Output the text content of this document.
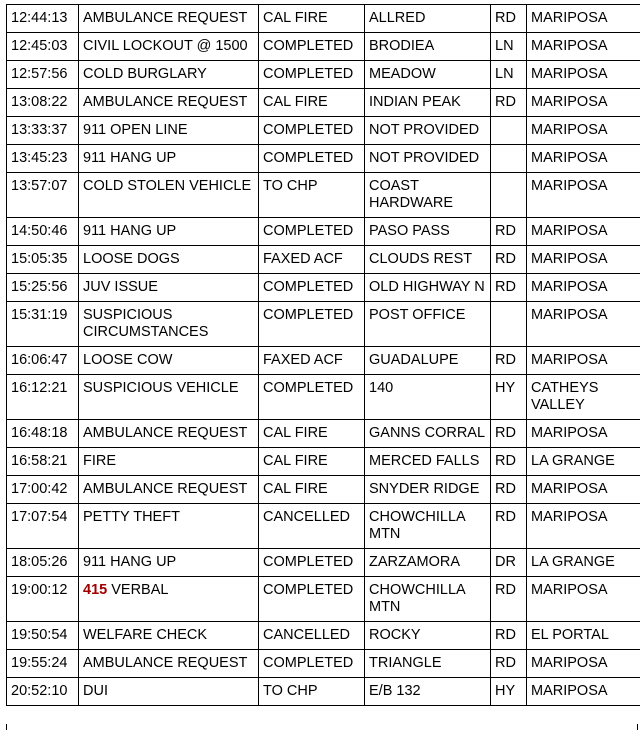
12:44:13	AMBULANCE REQUEST	CAL FIRE	ALLRED	RD	MARIPOSA
12:45:03	CIVIL LOCKOUT @ 1500	COMPLETED	BRODIEA	LN	MARIPOSA
12:57:56	COLD BURGLARY	COMPLETED	MEADOW	LN	MARIPOSA
13:08:22	AMBULANCE REQUEST	CAL FIRE	INDIAN PEAK	RD	MARIPOSA
13:33:37	911 OPEN LINE	COMPLETED	NOT PROVIDED		MARIPOSA
13:45:23	911 HANG UP	COMPLETED	NOT PROVIDED		MARIPOSA
13:57:07	COLD STOLEN VEHICLE	TO CHP	COAST HARDWARE		MARIPOSA
14:50:46	911 HANG UP	COMPLETED	PASO PASS	RD	MARIPOSA
15:05:35	LOOSE DOGS	FAXED ACF	CLOUDS REST	RD	MARIPOSA
15:25:56	JUV ISSUE	COMPLETED	OLD HIGHWAY N	RD	MARIPOSA
15:31:19	SUSPICIOUS CIRCUMSTANCES	COMPLETED	POST OFFICE		MARIPOSA
16:06:47	LOOSE COW	FAXED ACF	GUADALUPE	RD	MARIPOSA
16:12:21	SUSPICIOUS VEHICLE	COMPLETED	140	HY	CATHEYS VALLEY
16:48:18	AMBULANCE REQUEST	CAL FIRE	GANNS CORRAL	RD	MARIPOSA
16:58:21	FIRE	CAL FIRE	MERCED FALLS	RD	LA GRANGE
17:00:42	AMBULANCE REQUEST	CAL FIRE	SNYDER RIDGE	RD	MARIPOSA
17:07:54	PETTY THEFT	CANCELLED	CHOWCHILLA MTN	RD	MARIPOSA
18:05:26	911 HANG UP	COMPLETED	ZARZAMORA	DR	LA GRANGE
19:00:12	415 VERBAL	COMPLETED	CHOWCHILLA MTN	RD	MARIPOSA
19:50:54	WELFARE CHECK	CANCELLED	ROCKY	RD	EL PORTAL
19:55:24	AMBULANCE REQUEST	COMPLETED	TRIANGLE	RD	MARIPOSA
20:52:10	DUI	TO CHP	E/B 132	HY	MARIPOSA
